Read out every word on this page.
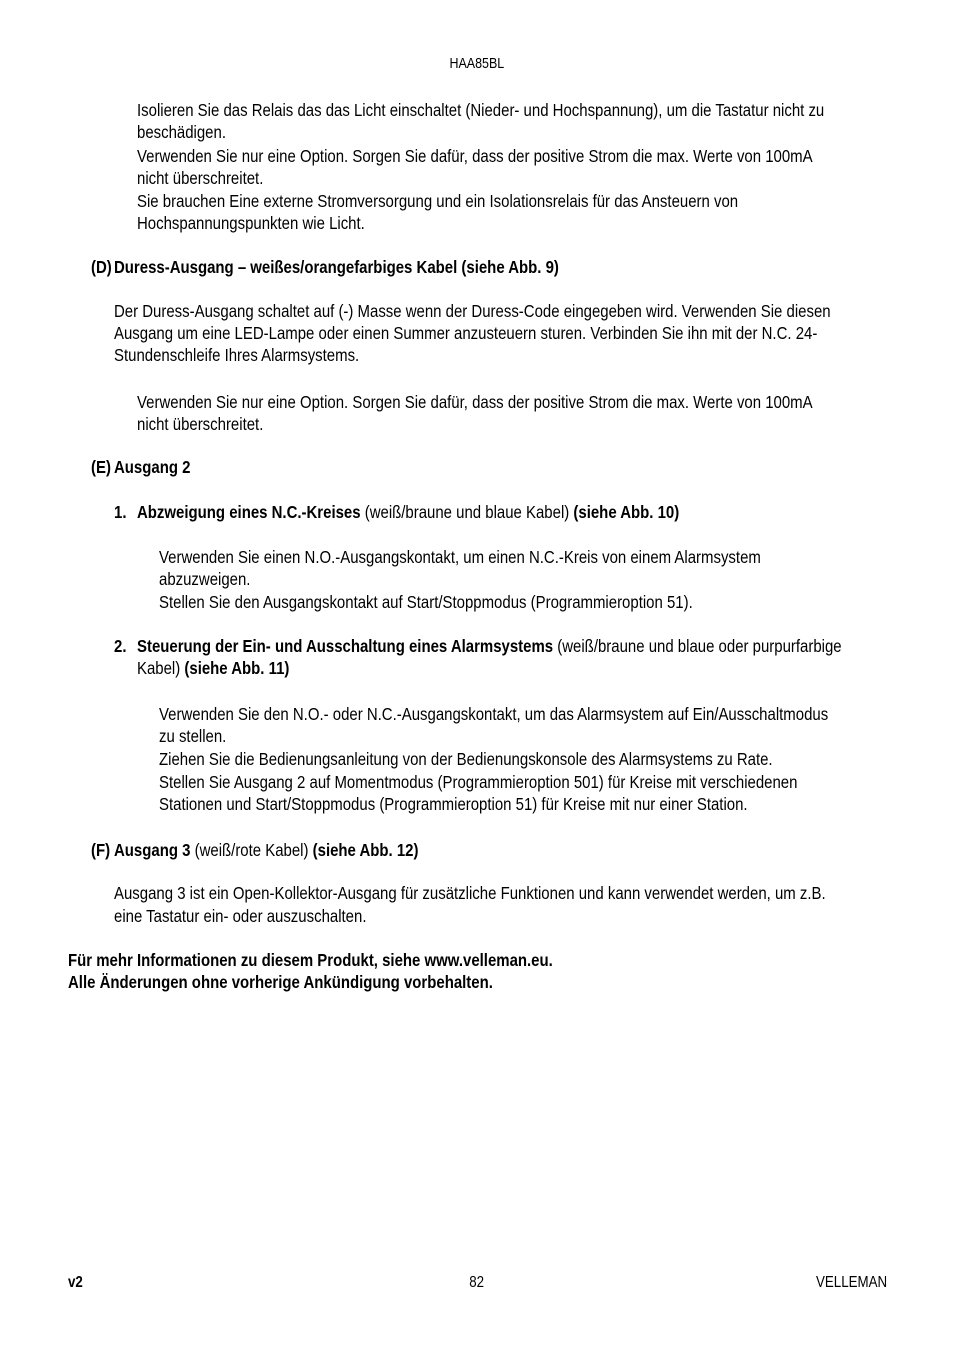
HAA85BL
Isolieren Sie das Relais das das Licht einschaltet (Nieder- und Hochspannung), um die Tastatur nicht zu
beschädigen.
Verwenden Sie nur eine Option. Sorgen Sie dafür, dass der positive Strom die max. Werte von 100mA
nicht überschreitet.
Sie brauchen Eine externe Stromversorgung und ein Isolationsrelais für das Ansteuern von
Hochspannungspunkten wie Licht.
(D) Duress-Ausgang – weißes/orangefarbiges Kabel (siehe Abb. 9)
Der Duress-Ausgang schaltet auf (-) Masse wenn der Duress-Code eingegeben wird. Verwenden Sie diesen
Ausgang um eine LED-Lampe oder einen Summer anzusteuern sturen. Verbinden Sie ihn mit der N.C. 24-
Stundenschleife Ihres Alarmsystems.
Verwenden Sie nur eine Option. Sorgen Sie dafür, dass der positive Strom die max. Werte von 100mA
nicht überschreitet.
(E) Ausgang 2
1. Abzweigung eines N.C.-Kreises (weiß/braune und blaue Kabel) (siehe Abb. 10)
Verwenden Sie einen N.O.-Ausgangskontakt, um einen N.C.-Kreis von einem Alarmsystem
abzuzweigen.
Stellen Sie den Ausgangskontakt auf Start/Stoppmodus (Programmieroption 51).
2. Steuerung der Ein- und Ausschaltung eines Alarmsystems (weiß/braune und blaue oder purpurfarbige
Kabel) (siehe Abb. 11)
Verwenden Sie den N.O.- oder N.C.-Ausgangskontakt, um das Alarmsystem auf Ein/Ausschaltmodus
zu stellen.
Ziehen Sie die Bedienungsanleitung von der Bedienungskonsole des Alarmsystems zu Rate.
Stellen Sie Ausgang 2 auf Momentmodus (Programmieroption 501) für Kreise mit verschiedenen
Stationen und Start/Stoppmodus (Programmieroption 51) für Kreise mit nur einer Station.
(F) Ausgang 3 (weiß/rote Kabel) (siehe Abb. 12)
Ausgang 3 ist ein Open-Kollektor-Ausgang für zusätzliche Funktionen und kann verwendet werden, um z.B.
eine Tastatur ein- oder auszuschalten.
Für mehr Informationen zu diesem Produkt, siehe www.velleman.eu.
Alle Änderungen ohne vorherige Ankündigung vorbehalten.
v2	82	VELLEMAN
